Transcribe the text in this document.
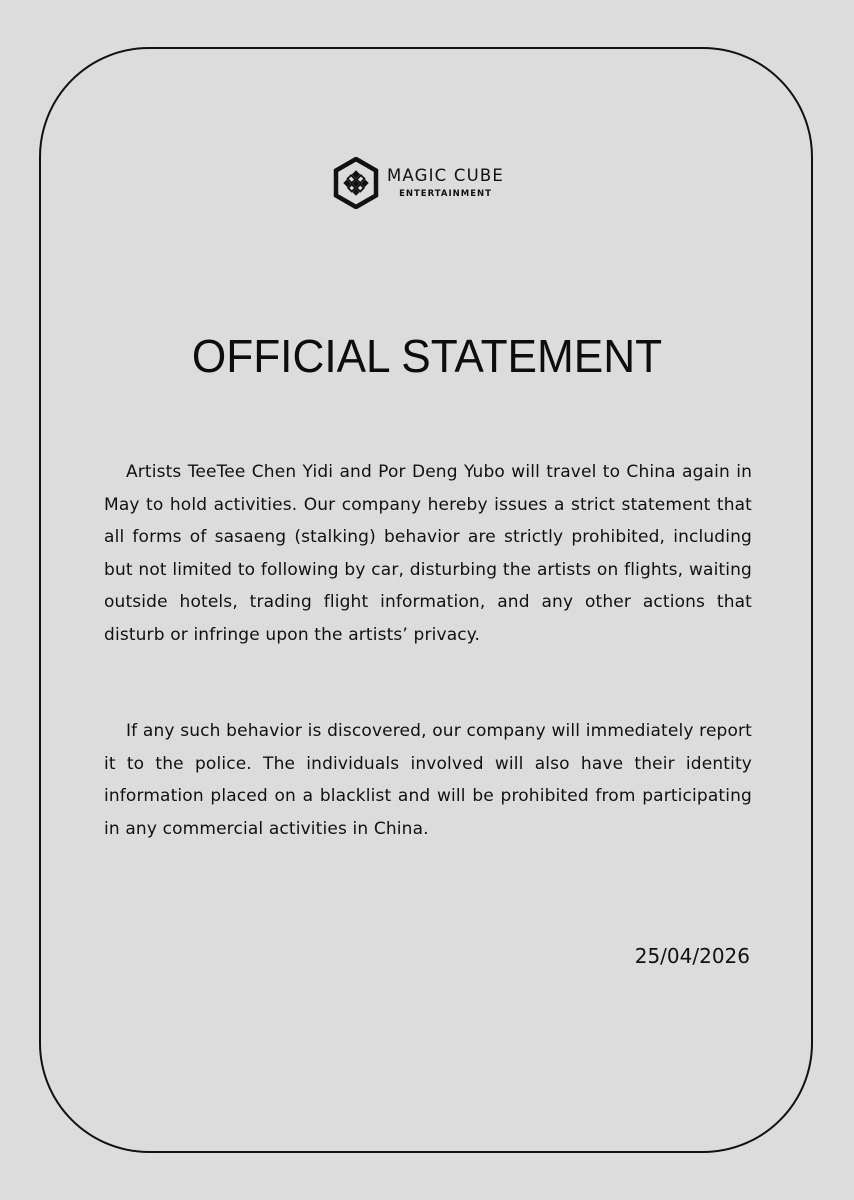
MAGIC CUBE
ENTERTAINMENT
OFFICIAL STATEMENT

Artists TeeTee Chen Yidi and Por Deng Yubo will travel to China again in May to hold activities. Our company hereby issues a strict statement that all forms of sasaeng (stalking) behavior are strictly prohibited, including but not limited to following by car, disturbing the artists on flights, waiting outside hotels, trading flight information, and any other actions that disturb or infringe upon the artists’ privacy.

If any such behavior is discovered, our company will immediately report it to the police. The individuals involved will also have their identity information placed on a blacklist and will be prohibited from participating in any commercial activities in China.

25/04/2026
